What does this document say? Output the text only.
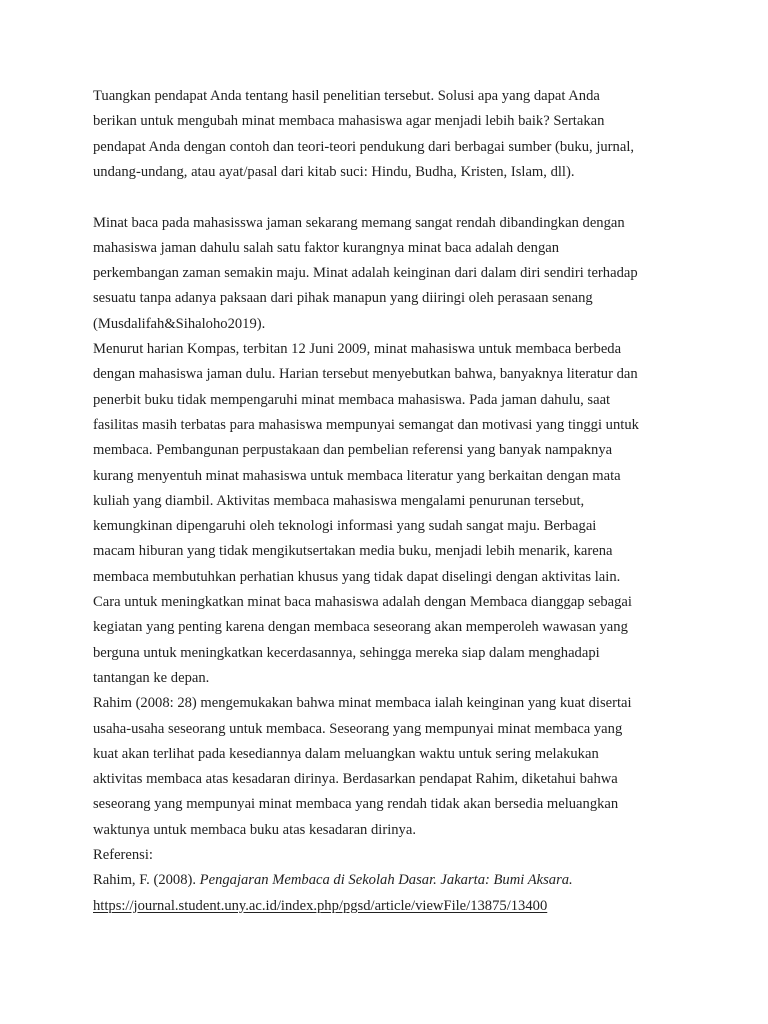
Tuangkan pendapat Anda tentang hasil penelitian tersebut. Solusi apa yang dapat Anda
berikan untuk mengubah minat membaca mahasiswa agar menjadi lebih baik? Sertakan
pendapat Anda dengan contoh dan teori-teori pendukung dari berbagai sumber (buku, jurnal,
undang-undang, atau ayat/pasal dari kitab suci: Hindu, Budha, Kristen, Islam, dll).
Minat baca pada mahasisswa jaman sekarang memang sangat rendah dibandingkan dengan
mahasiswa jaman dahulu salah satu faktor kurangnya minat baca adalah dengan
perkembangan zaman semakin maju. Minat adalah keinginan dari dalam diri sendiri terhadap
sesuatu tanpa adanya paksaan dari pihak manapun yang diiringi oleh perasaan senang
(Musdalifah&Sihaloho2019).
Menurut harian Kompas, terbitan 12 Juni 2009, minat mahasiswa untuk membaca berbeda
dengan mahasiswa jaman dulu. Harian tersebut menyebutkan bahwa, banyaknya literatur dan
penerbit buku tidak mempengaruhi minat membaca mahasiswa. Pada jaman dahulu, saat
fasilitas masih terbatas para mahasiswa mempunyai semangat dan motivasi yang tinggi untuk
membaca. Pembangunan perpustakaan dan pembelian referensi yang banyak nampaknya
kurang menyentuh minat mahasiswa untuk membaca literatur yang berkaitan dengan mata
kuliah yang diambil. Aktivitas membaca mahasiswa mengalami penurunan tersebut,
kemungkinan dipengaruhi oleh teknologi informasi yang sudah sangat maju. Berbagai
macam hiburan yang tidak mengikutsertakan media buku, menjadi lebih menarik, karena
membaca membutuhkan perhatian khusus yang tidak dapat diselingi dengan aktivitas lain.
Cara untuk meningkatkan minat baca mahasiswa adalah dengan Membaca dianggap sebagai
kegiatan yang penting karena dengan membaca seseorang akan memperoleh wawasan yang
berguna untuk meningkatkan kecerdasannya, sehingga mereka siap dalam menghadapi
tantangan ke depan.
Rahim (2008: 28) mengemukakan bahwa minat membaca ialah keinginan yang kuat disertai
usaha-usaha seseorang untuk membaca. Seseorang yang mempunyai minat membaca yang
kuat akan terlihat pada kesediannya dalam meluangkan waktu untuk sering melakukan
aktivitas membaca atas kesadaran dirinya. Berdasarkan pendapat Rahim, diketahui bahwa
seseorang yang mempunyai minat membaca yang rendah tidak akan bersedia meluangkan
waktunya untuk membaca buku atas kesadaran dirinya.
Referensi:
Rahim, F. (2008). Pengajaran Membaca di Sekolah Dasar. Jakarta: Bumi Aksara.
https://journal.student.uny.ac.id/index.php/pgsd/article/viewFile/13875/13400
